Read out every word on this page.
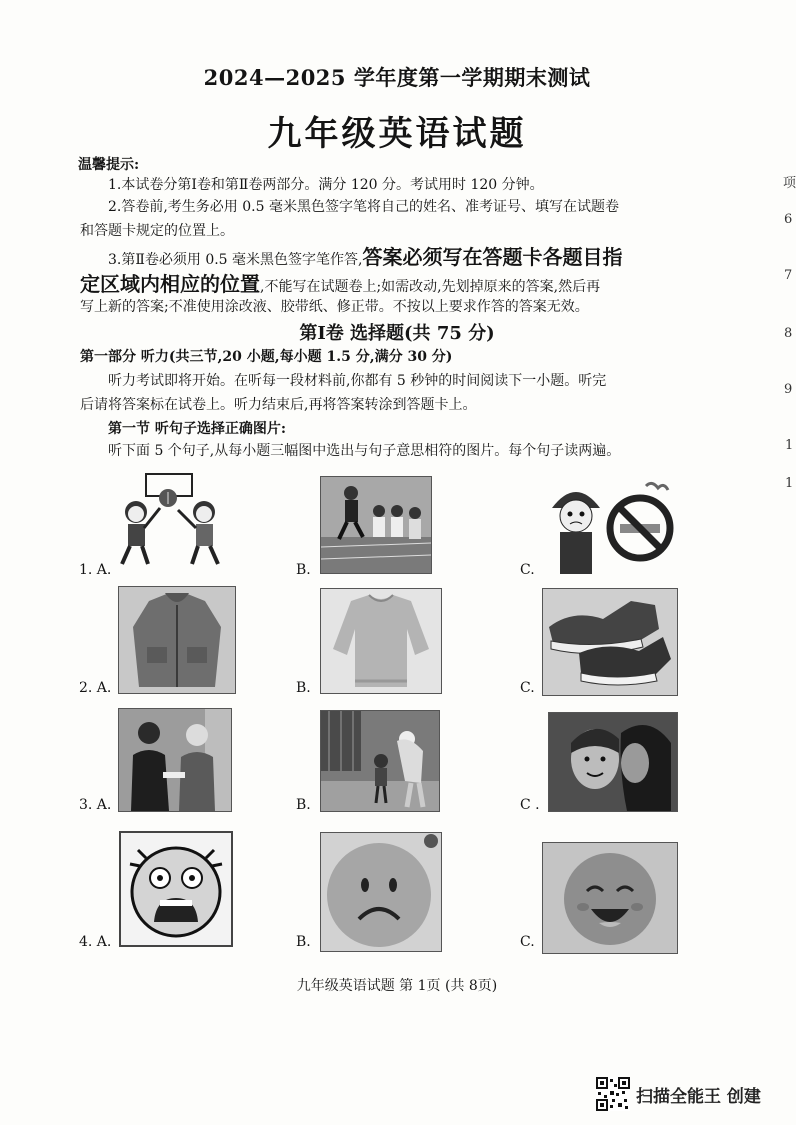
2024—2025 学年度第一学期期末测试
九年级英语试题
温馨提示:
1.本试卷分第Ⅰ卷和第Ⅱ卷两部分。满分 120 分。考试用时 120 分钟。
2.答卷前,考生务必用 0.5 毫米黑色签字笔将自己的姓名、准考证号、填写在试题卷
和答题卡规定的位置上。
3.第Ⅱ卷必须用 0.5 毫米黑色签字笔作答,答案必须写在答题卡各题目指
定区域内相应的位置,不能写在试题卷上;如需改动,先划掉原来的答案,然后再
写上新的答案;不准使用涂改液、胶带纸、修正带。不按以上要求作答的答案无效。
第Ⅰ卷 选择题(共 75 分)
第一部分 听力(共三节,20 小题,每小题 1.5 分,满分 30 分)
听力考试即将开始。在听每一段材料前,你都有 5 秒钟的时间阅读下一小题。听完
后请将答案标在试卷上。听力结束后,再将答案转涂到答题卡上。
第一节 听句子选择正确图片:
听下面 5 个句子,从每小题三幅图中选出与句子意思相符的图片。每个句子读两遍。
1. A.	B.	C.
2. A.	B.	C.
3. A.	B.	C .
4. A.	B.	C.
九年级英语试题 第 1页 (共 8页)
项
6
7
8
9
1
1
扫描全能王 创建
